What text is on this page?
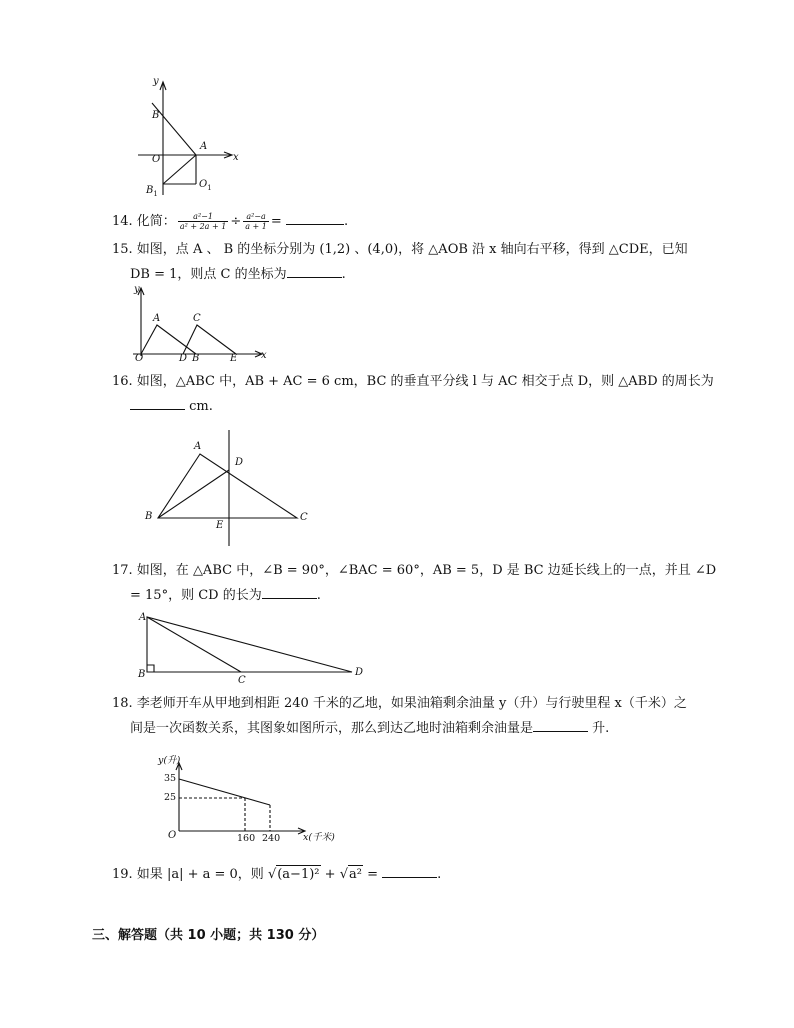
y
x
B
A
O
$O_1$
$B_1$
14. 化简： $\frac{\text{a²−1}}{\text{a² + 2a + 1}} \div \frac{\text{a²−a}}{a + 1}$ =	.
15. 如图，点 A 、 B 的坐标分别为 (1,2) 、(4,0)，将 △AOB 沿 x 轴向右平移，得到 △CDE，已知
DB = 1，则点 C 的坐标为	.
y
A	C
O	D B	E x
16. 如图，△ABC 中，AB + AC = 6 cm，BC 的垂直平分线 l 与 AC 相交于点 D，则 △ABD 的周长为
cm.
A
D
B
E
C
17. 如图，在 △ABC 中，∠B = 90°，∠BAC = 60°，AB = 5，D 是 BC 边延长线上的一点，并且 ∠D
= 15°，则 CD 的长为	.
A
B
C
D
18. 李老师开车从甲地到相距 240 千米的乙地，如果油箱剩余油量 y（升）与行驶里程 x（千米）之
间是一次函数关系，其图象如图所示，那么到达乙地时油箱剩余油量是	升.
y(升)
35
25
O	160 240 x(千米)
19. 如果 |a| + a = 0，则 √(a−1)² + √a² =	.
三、解答题（共 10 小题；共 130 分）
